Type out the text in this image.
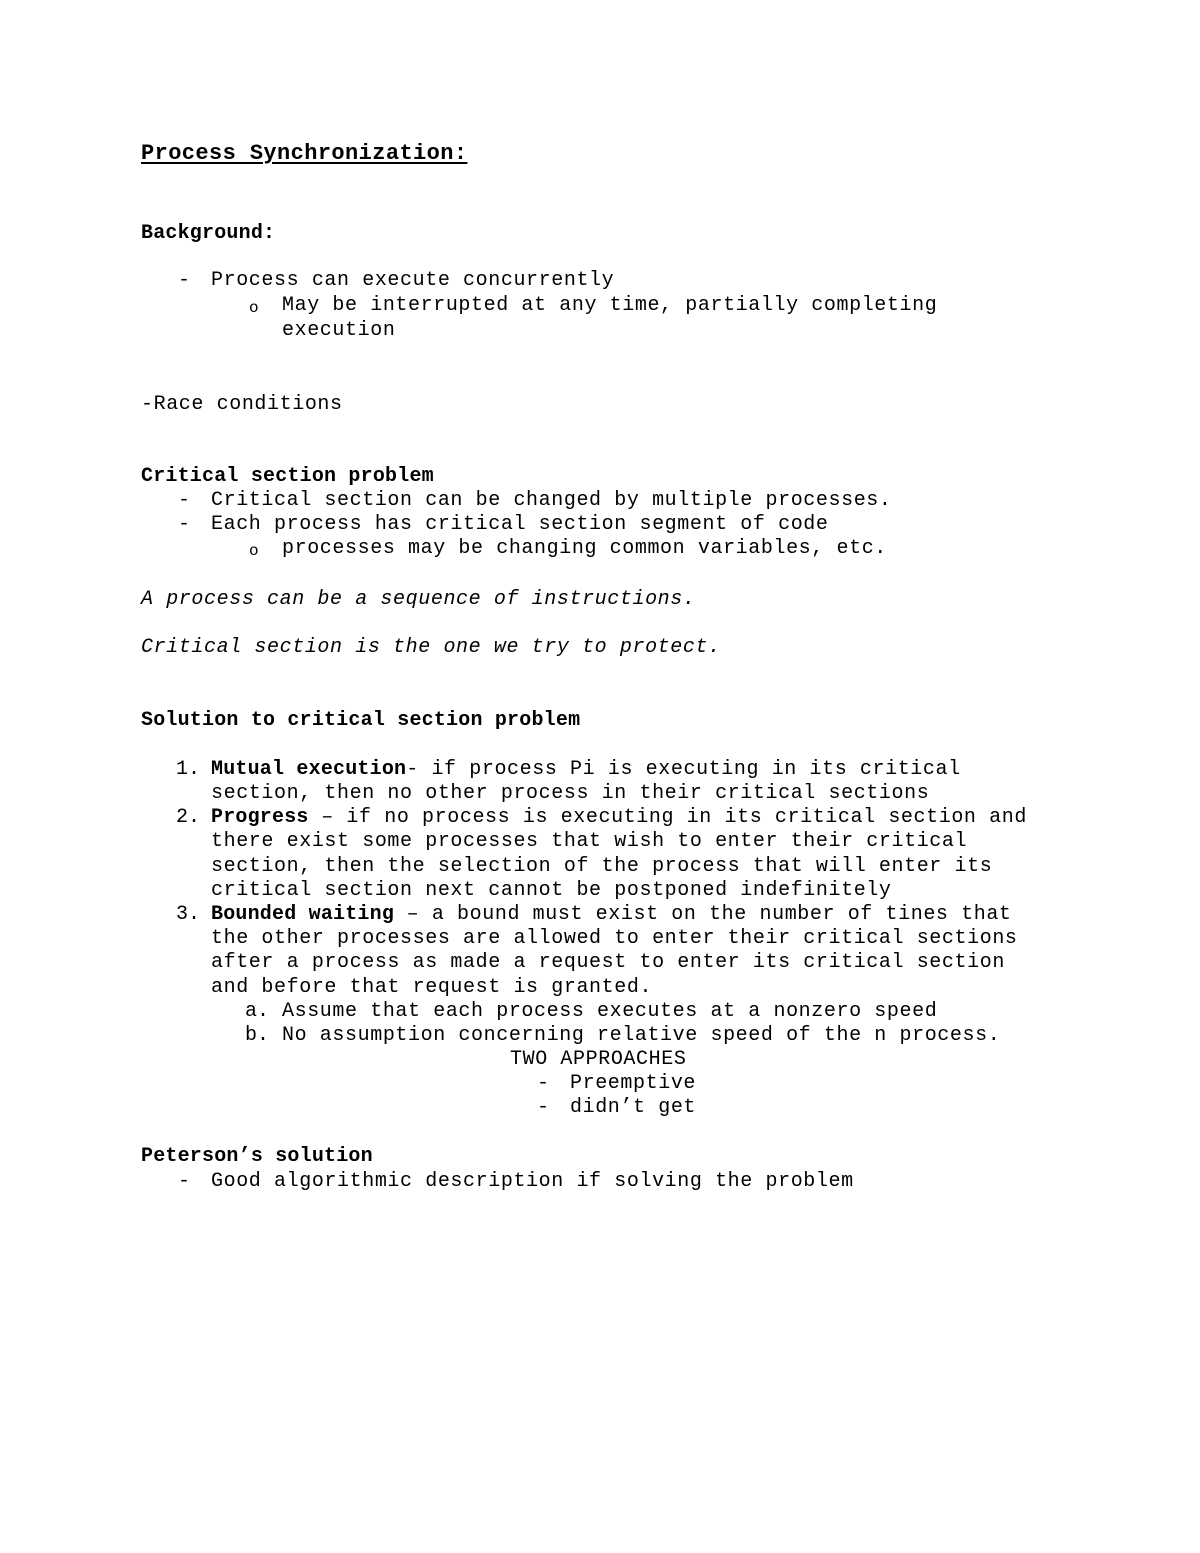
Process Synchronization:
Background:
- Process can execute concurrently
o May be interrupted at any time, partially completing
execution
-Race conditions
Critical section problem
- Critical section can be changed by multiple processes.
- Each process has critical section segment of code
o processes may be changing common variables, etc.
A process can be a sequence of instructions.
Critical section is the one we try to protect.
Solution to critical section problem
1. Mutual execution- if process Pi is executing in its critical
section, then no other process in their critical sections
2. Progress – if no process is executing in its critical section and
there exist some processes that wish to enter their critical
section, then the selection of the process that will enter its
critical section next cannot be postponed indefinitely
3. Bounded waiting – a bound must exist on the number of tines that
the other processes are allowed to enter their critical sections
after a process as made a request to enter its critical section
and before that request is granted.
a. Assume that each process executes at a nonzero speed
b. No assumption concerning relative speed of the n process.
TWO APPROACHES
- Preemptive
- didn’t get
Peterson’s solution
- Good algorithmic description if solving the problem
